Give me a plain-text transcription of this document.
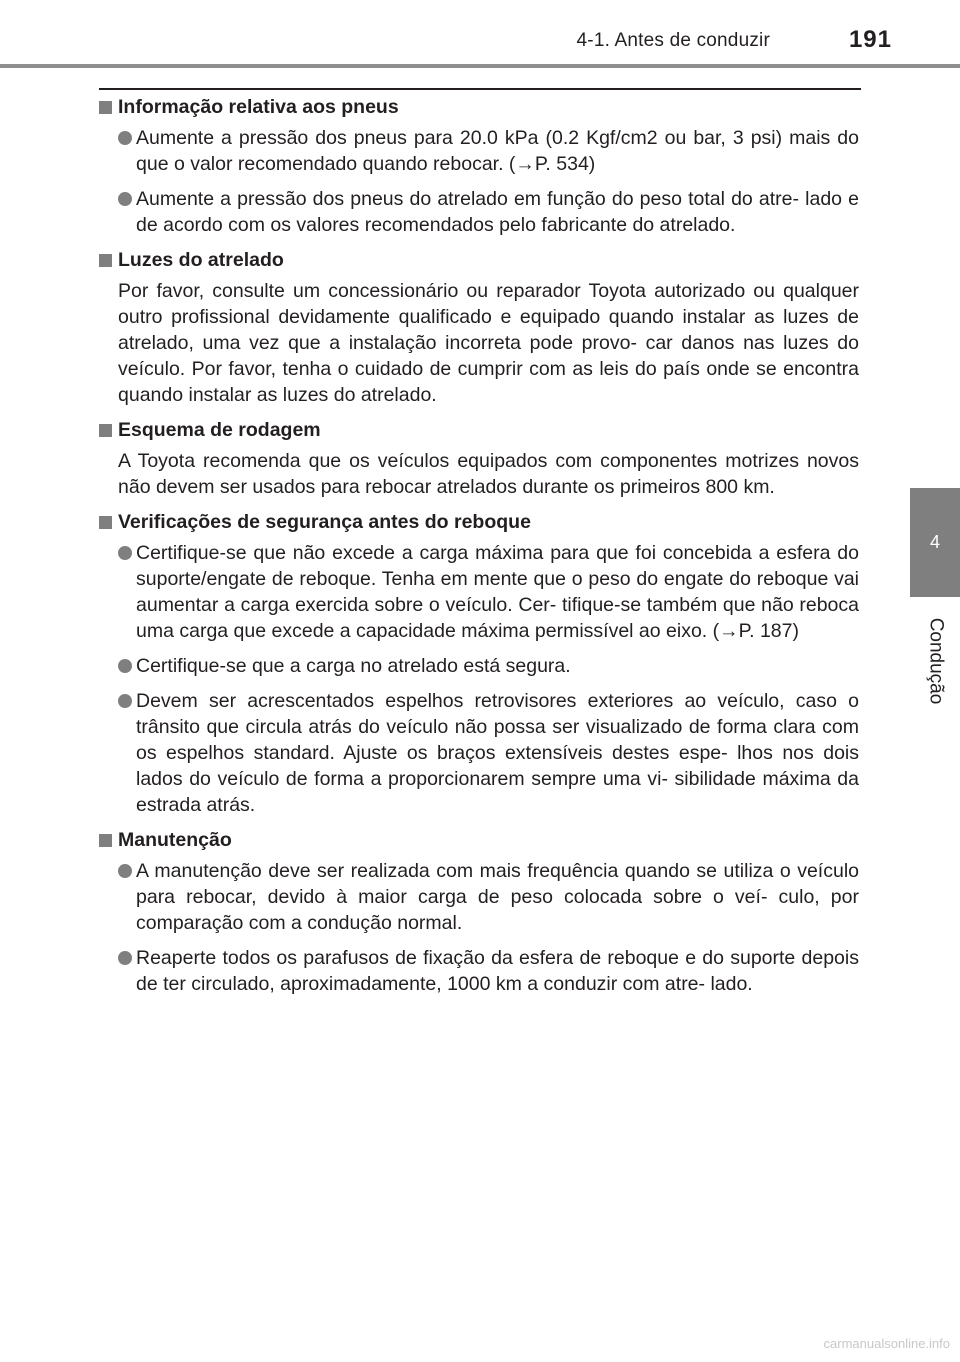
4-1. Antes de conduzir	191
4
Condução
Informação relativa aos pneus
Aumente a pressão dos pneus para 20.0 kPa (0.2 Kgf/cm2 ou bar, 3 psi) mais do que o valor recomendado quando rebocar. (→P. 534)
Aumente a pressão dos pneus do atrelado em função do peso total do atre- lado e de acordo com os valores recomendados pelo fabricante do atrelado.
Luzes do atrelado
Por favor, consulte um concessionário ou reparador Toyota autorizado ou qualquer outro profissional devidamente qualificado e equipado quando instalar as luzes de atrelado, uma vez que a instalação incorreta pode provo- car danos nas luzes do veículo. Por favor, tenha o cuidado de cumprir com as leis do país onde se encontra quando instalar as luzes do atrelado.
Esquema de rodagem
A Toyota recomenda que os veículos equipados com componentes motrizes novos não devem ser usados para rebocar atrelados durante os primeiros 800 km.
Verificações de segurança antes do reboque
Certifique-se que não excede a carga máxima para que foi concebida a esfera do suporte/engate de reboque. Tenha em mente que o peso do engate do reboque vai aumentar a carga exercida sobre o veículo. Cer- tifique-se também que não reboca uma carga que excede a capacidade máxima permissível ao eixo. (→P. 187)
Certifique-se que a carga no atrelado está segura.
Devem ser acrescentados espelhos retrovisores exteriores ao veículo, caso o trânsito que circula atrás do veículo não possa ser visualizado de forma clara com os espelhos standard. Ajuste os braços extensíveis destes espe- lhos nos dois lados do veículo de forma a proporcionarem sempre uma vi- sibilidade máxima da estrada atrás.
Manutenção
A manutenção deve ser realizada com mais frequência quando se utiliza o veículo para rebocar, devido à maior carga de peso colocada sobre o veí- culo, por comparação com a condução normal.
Reaperte todos os parafusos de fixação da esfera de reboque e do suporte depois de ter circulado, aproximadamente, 1000 km a conduzir com atre- lado.
carmanualsonline.info
